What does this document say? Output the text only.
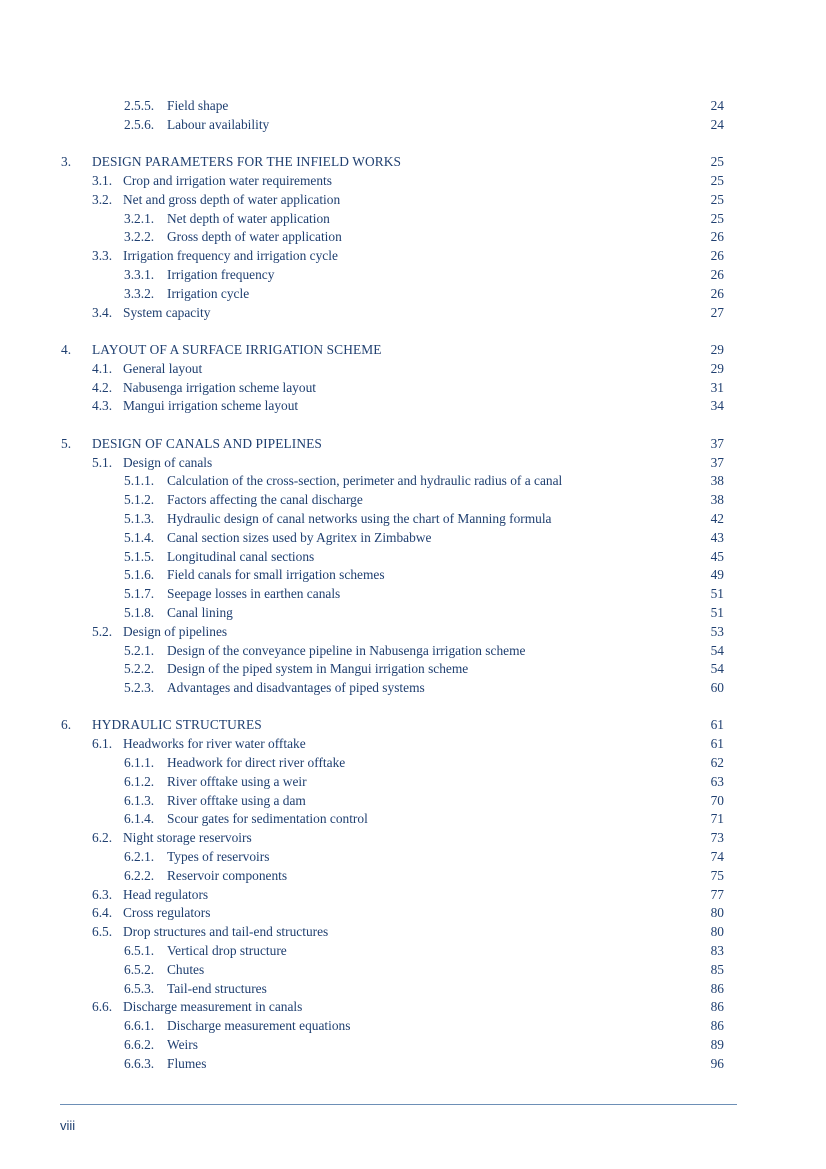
2.5.5. Field shape	24
2.5.6. Labour availability	24
3. DESIGN PARAMETERS FOR THE INFIELD WORKS	25
3.1. Crop and irrigation water requirements	25
3.2. Net and gross depth of water application	25
3.2.1. Net depth of water application	25
3.2.2. Gross depth of water application	26
3.3. Irrigation frequency and irrigation cycle	26
3.3.1. Irrigation frequency	26
3.3.2. Irrigation cycle	26
3.4. System capacity	27
4. LAYOUT OF A SURFACE IRRIGATION SCHEME	29
4.1. General layout	29
4.2. Nabusenga irrigation scheme layout	31
4.3. Mangui irrigation scheme layout	34
5. DESIGN OF CANALS AND PIPELINES	37
5.1. Design of canals	37
5.1.1. Calculation of the cross-section, perimeter and hydraulic radius of a canal	38
5.1.2. Factors affecting the canal discharge	38
5.1.3. Hydraulic design of canal networks using the chart of Manning formula	42
5.1.4. Canal section sizes used by Agritex in Zimbabwe	43
5.1.5. Longitudinal canal sections	45
5.1.6. Field canals for small irrigation schemes	49
5.1.7. Seepage losses in earthen canals	51
5.1.8. Canal lining	51
5.2. Design of pipelines	53
5.2.1. Design of the conveyance pipeline in Nabusenga irrigation scheme	54
5.2.2. Design of the piped system in Mangui irrigation scheme	54
5.2.3. Advantages and disadvantages of piped systems	60
6. HYDRAULIC STRUCTURES	61
6.1. Headworks for river water offtake	61
6.1.1. Headwork for direct river offtake	62
6.1.2. River offtake using a weir	63
6.1.3. River offtake using a dam	70
6.1.4. Scour gates for sedimentation control	71
6.2. Night storage reservoirs	73
6.2.1. Types of reservoirs	74
6.2.2. Reservoir components	75
6.3. Head regulators	77
6.4. Cross regulators	80
6.5. Drop structures and tail-end structures	80
6.5.1. Vertical drop structure	83
6.5.2. Chutes	85
6.5.3. Tail-end structures	86
6.6. Discharge measurement in canals	86
6.6.1. Discharge measurement equations	86
6.6.2. Weirs	89
6.6.3. Flumes	96
viii
